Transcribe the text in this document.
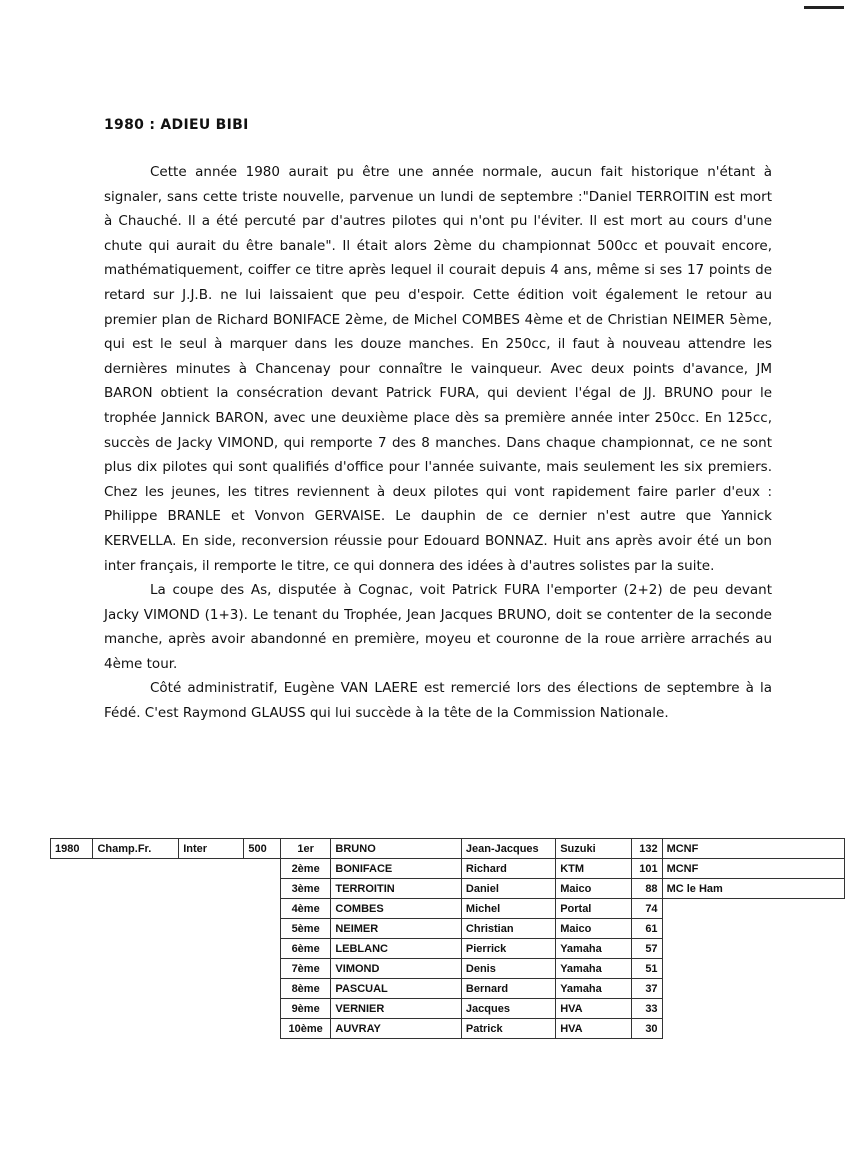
1980 : ADIEU BIBI

Cette année 1980 aurait pu être une année normale, aucun fait historique n'étant à signaler, sans cette triste nouvelle, parvenue un lundi de septembre :"Daniel TERROITIN est mort à Chauché. Il a été percuté par d'autres pilotes qui n'ont pu l'éviter. Il est mort au cours d'une chute qui aurait du être banale". Il était alors 2ème du championnat 500cc et pouvait encore, mathématiquement, coiffer ce titre après lequel il courait depuis 4 ans, même si ses 17 points de retard sur J.J.B. ne lui laissaient que peu d'espoir. Cette édition voit également le retour au premier plan de Richard BONIFACE 2ème, de Michel COMBES 4ème et de Christian NEIMER 5ème, qui est le seul à marquer dans les douze manches. En 250cc, il faut à nouveau attendre les dernières minutes à Chancenay pour connaître le vainqueur. Avec deux points d'avance, JM BARON obtient la consécration devant Patrick FURA, qui devient l'égal de JJ. BRUNO pour le trophée Jannick BARON, avec une deuxième place dès sa première année inter 250cc. En 125cc, succès de Jacky VIMOND, qui remporte 7 des 8 manches. Dans chaque championnat, ce ne sont plus dix pilotes qui sont qualifiés d'office pour l'année suivante, mais seulement les six premiers. Chez les jeunes, les titres reviennent à deux pilotes qui vont rapidement faire parler d'eux : Philippe BRANLE et Vonvon GERVAISE. Le dauphin de ce dernier n'est autre que Yannick KERVELLA. En side, reconversion réussie pour Edouard BONNAZ. Huit ans après avoir été un bon inter français, il remporte le titre, ce qui donnera des idées à d'autres solistes par la suite.

La coupe des As, disputée à Cognac, voit Patrick FURA l'emporter (2+2) de peu devant Jacky VIMOND (1+3). Le tenant du Trophée, Jean Jacques BRUNO, doit se contenter de la seconde manche, après avoir abandonné en première, moyeu et couronne de la roue arrière arrachés au 4ème tour.

Côté administratif, Eugène VAN LAERE est remercié lors des élections de septembre à la Fédé. C'est Raymond GLAUSS qui lui succède à la tête de la Commission Nationale.

1980	Champ.Fr.	Inter	500	1er	BRUNO	Jean-Jacques	Suzuki	132	MCNF
				2ème	BONIFACE	Richard	KTM	101	MCNF
				3ème	TERROITIN	Daniel	Maico	88	MC le Ham
				4ème	COMBES	Michel	Portal	74	
				5ème	NEIMER	Christian	Maico	61	
				6ème	LEBLANC	Pierrick	Yamaha	57	
				7ème	VIMOND	Denis	Yamaha	51	
				8ème	PASCUAL	Bernard	Yamaha	37	
				9ème	VERNIER	Jacques	HVA	33	
				10ème	AUVRAY	Patrick	HVA	30	
